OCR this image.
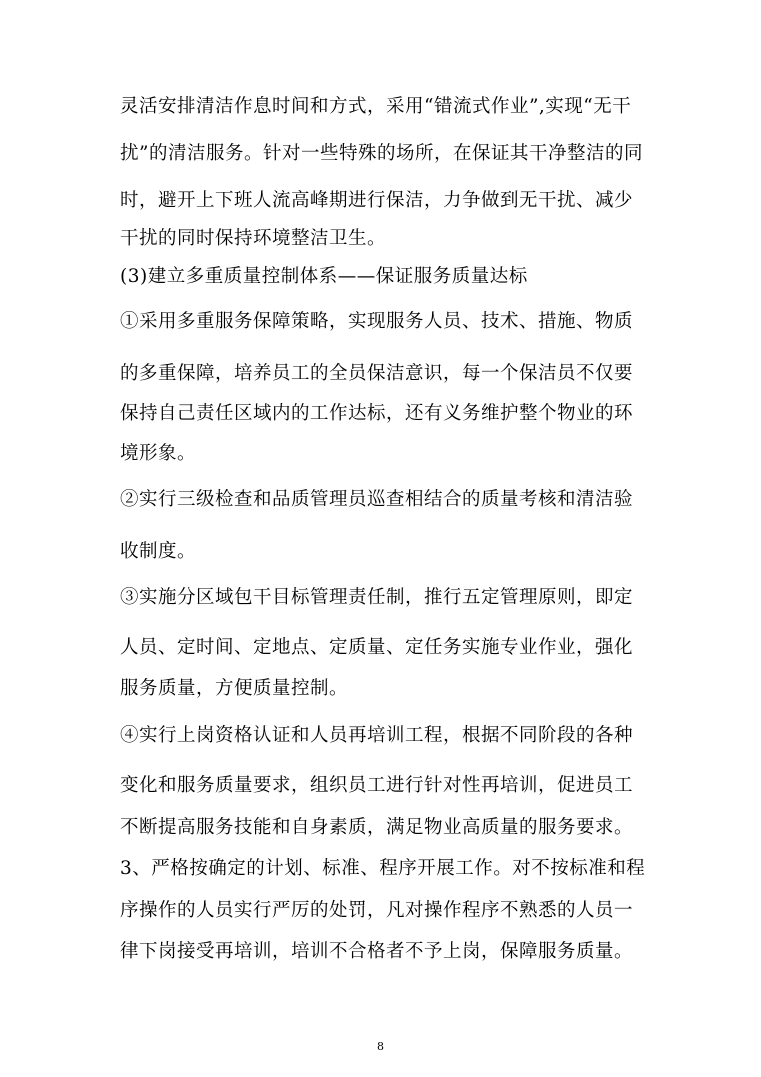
灵活安排清洁作息时间和方式，采用“错流式作业”,实现“无干
扰”的清洁服务。针对一些特殊的场所，在保证其干净整洁的同
时，避开上下班人流高峰期进行保洁，力争做到无干扰、减少
干扰的同时保持环境整洁卫生。
(3)建立多重质量控制体系——保证服务质量达标
①采用多重服务保障策略，实现服务人员、技术、措施、物质
的多重保障，培养员工的全员保洁意识，每一个保洁员不仅要
保持自己责任区域内的工作达标，还有义务维护整个物业的环
境形象。
②实行三级检查和品质管理员巡查相结合的质量考核和清洁验
收制度。
③实施分区域包干目标管理责任制，推行五定管理原则，即定
人员、定时间、定地点、定质量、定任务实施专业作业，强化
服务质量，方便质量控制。
④实行上岗资格认证和人员再培训工程，根据不同阶段的各种
变化和服务质量要求，组织员工进行针对性再培训，促进员工
不断提高服务技能和自身素质，满足物业高质量的服务要求。
3、严格按确定的计划、标准、程序开展工作。对不按标准和程
序操作的人员实行严厉的处罚，凡对操作程序不熟悉的人员一
律下岗接受再培训，培训不合格者不予上岗，保障服务质量。
8
